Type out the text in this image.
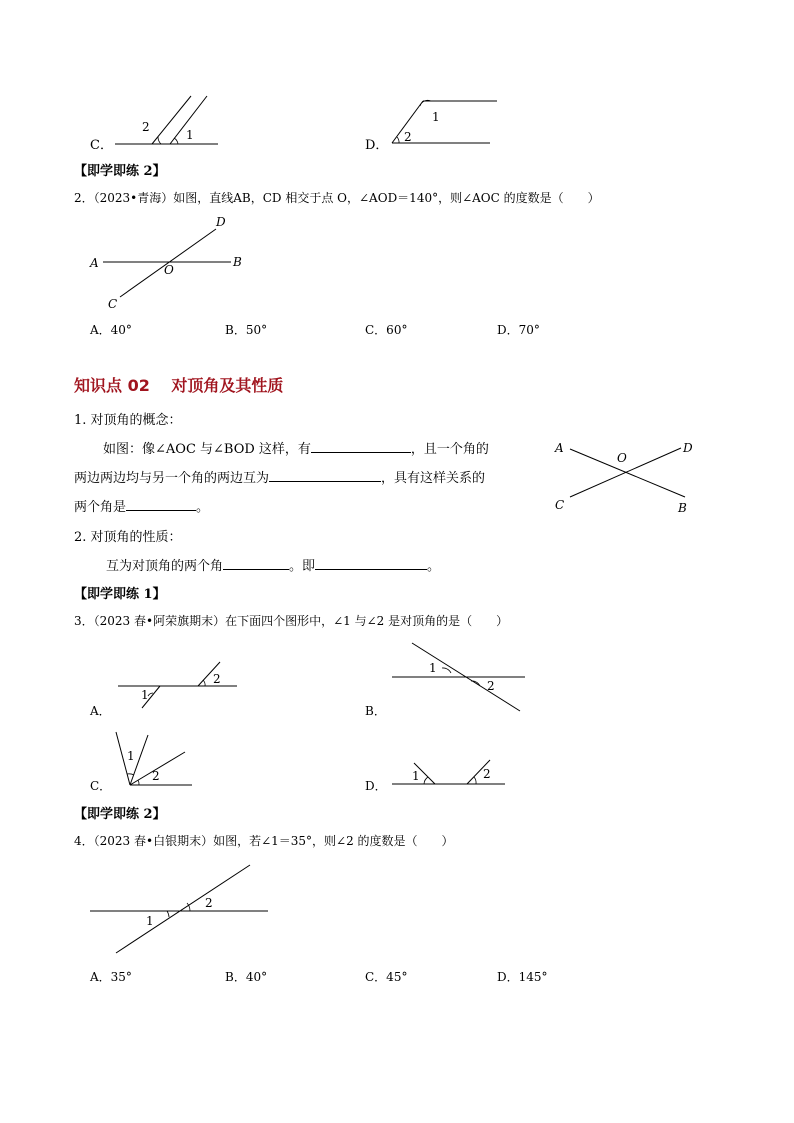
C．
2
1
1
2
D．
【即学即练 2】
2．（2023•青海）如图，直线AB，CD 相交于点 O，∠AOD＝140°，则∠AOC 的度数是（　　）
A	B
C
D
O
A．40°	B．50°	C．60°	D．70°
知识点 02　 对顶角及其性质
1. 对顶角的概念：
如图：像∠AOC 与∠BOD 这样，有	，且一个角的
两边两边均与另一个角的两边互为	，具有这样关系的
两个角是	。
A	D
O
C	B
2. 对顶角的性质：
互为对顶角的两个角	。即	。
【即学即练 1】
3．（2023 春•阿荣旗期末）在下面四个图形中，∠1 与∠2 是对顶角的是（　　）
1
2
1
2
1
2	1	2
A．	B．
C．	D．
【即学即练 2】
4．（2023 春•白银期末）如图，若∠1＝35°，则∠2 的度数是（　　）
1
2
A．35°	B．40°	C．45°	D．145°
